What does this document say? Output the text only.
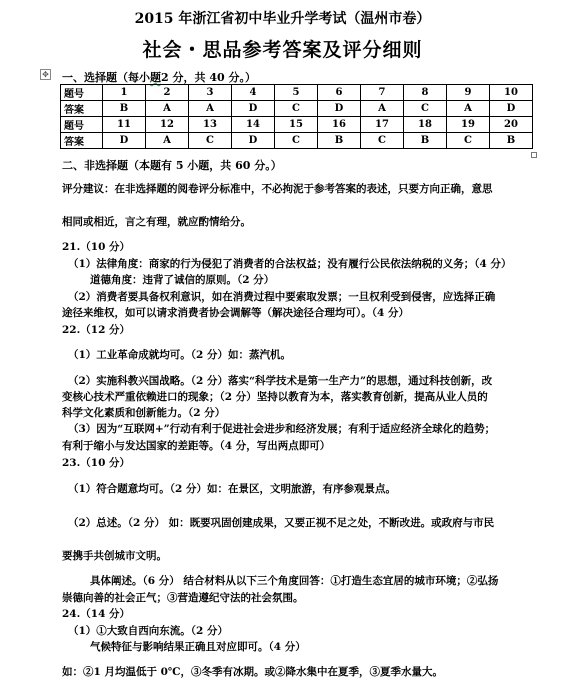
2015 年浙江省初中毕业升学考试（温州市卷）
社会・思品参考答案及评分细则
✥ 一、选择题（每小题2 分，共 40 分。）
题号	1	2	3	4	5	6	7	8	9	10
答案	B	A	A	D	C	D	A	C	A	D
题号	11	12	13	14	15	16	17	18	19	20
答案	D	A	C	D	C	B	C	B	C	B
二、非选择题（本题有 5 小题，共 60 分。）
评分建议：在非选择题的阅卷评分标准中，不必拘泥于参考答案的表述，只要方向正确，意思
相同或相近，言之有理，就应酌情给分。
21.（10 分）
（1）法律角度：商家的行为侵犯了消费者的合法权益；没有履行公民依法纳税的义务；（4 分）
道德角度：违背了诚信的原则。（2 分）
（2）消费者要具备权利意识，如在消费过程中要索取发票；一旦权利受到侵害，应选择正确
途径来维权，如可以请求消费者协会调解等（解决途径合理均可）。（4 分）
22.（12 分）
（1）工业革命成就均可。（2 分）如：蒸汽机。
（2）实施科教兴国战略。（2 分）落实“科学技术是第一生产力”的思想，通过科技创新，改
变核心技术严重依赖进口的现象；（2 分）坚持以教育为本，落实教育创新，提高从业人员的
科学文化素质和创新能力。（2 分）
（3）因为“互联网+”行动有利于促进社会进步和经济发展；有利于适应经济全球化的趋势；
有利于缩小与发达国家的差距等。（4 分，写出两点即可）
23.（10 分）
（1）符合题意均可。（2 分）如：在景区，文明旅游，有序参观景点。
（2）总述。（2 分） 如：既要巩固创建成果，又要正视不足之处，不断改进。或政府与市民
要携手共创城市文明。
具体阐述。（6 分） 结合材料从以下三个角度回答：①打造生态宜居的城市环境；②弘扬
崇德向善的社会正气；③营造遵纪守法的社会氛围。
24.（14 分）
（1）①大致自西向东流。（2 分）
气候特征与影响结果正确且对应即可。（4 分）
如：②1 月均温低于 0℃，③冬季有冰期。或②降水集中在夏季，③夏季水量大。
